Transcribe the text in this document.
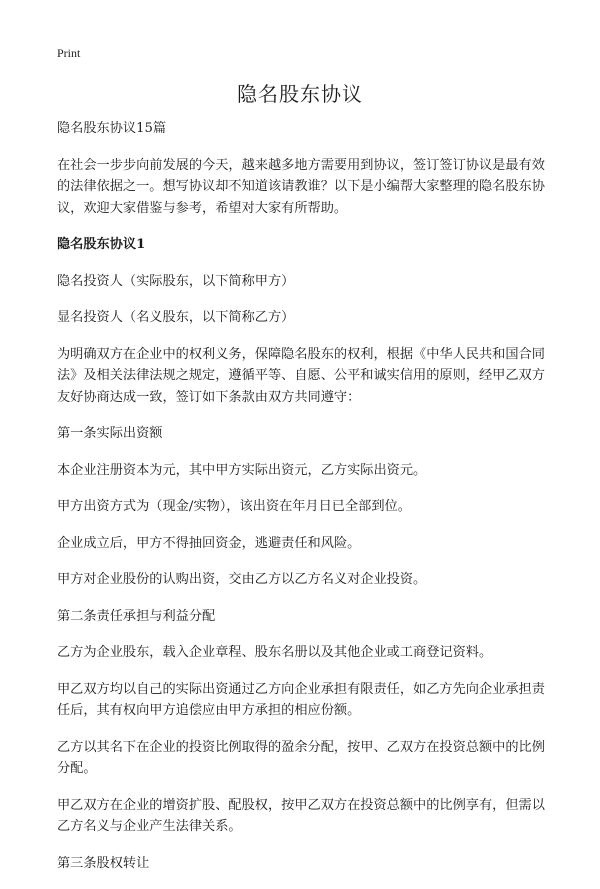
Print
隐名股东协议

隐名股东协议15篇

在社会一步步向前发展的今天，越来越多地方需要用到协议，签订签订协议是最有效的法律依据之一。想写协议却不知道该请教谁？以下是小编帮大家整理的隐名股东协议，欢迎大家借鉴与参考，希望对大家有所帮助。

隐名股东协议1

隐名投资人（实际股东，以下简称甲方）

显名投资人（名义股东，以下简称乙方）

为明确双方在企业中的权利义务，保障隐名股东的权利，根据《中华人民共和国合同法》及相关法律法规之规定，遵循平等、自愿、公平和诚实信用的原则，经甲乙双方友好协商达成一致，签订如下条款由双方共同遵守：

第一条实际出资额

本企业注册资本为元，其中甲方实际出资元，乙方实际出资元。

甲方出资方式为（现金/实物），该出资在年月日已全部到位。

企业成立后，甲方不得抽回资金，逃避责任和风险。

甲方对企业股份的认购出资，交由乙方以乙方名义对企业投资。

第二条责任承担与利益分配

乙方为企业股东，载入企业章程、股东名册以及其他企业或工商登记资料。

甲乙双方均以自己的实际出资通过乙方向企业承担有限责任，如乙方先向企业承担责任后，其有权向甲方追偿应由甲方承担的相应份额。

乙方以其名下在企业的投资比例取得的盈余分配，按甲、乙双方在投资总额中的比例分配。

甲乙双方在企业的增资扩股、配股权，按甲乙双方在投资总额中的比例享有，但需以乙方名义与企业产生法律关系。

第三条股权转让
